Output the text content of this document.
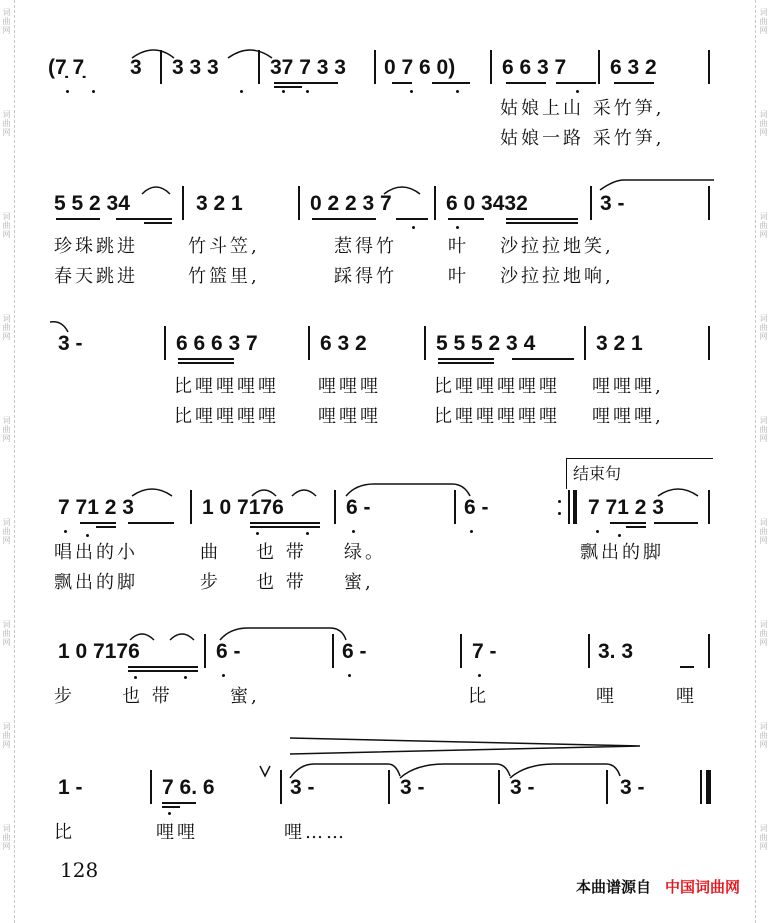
词曲网
词曲网
词曲网
词曲网
词曲网
词曲网
词曲网
词曲网
词曲网
词曲网
词曲网
词曲网
词曲网
词曲网
词曲网
词曲网
词曲网
词曲网
(7̣ 7̣ 3 3 3 3 37 7 3 3 0 7 6 0) 6 6 3 7 6 3 2
姑娘上山 采竹笋,
姑娘一路 采竹笋,
5 5 2 34	3 2 1	0 2 2 3 7	6 0 3432	3 -
珍珠跳进	竹斗笠,	惹得竹	叶 沙拉拉地笑,
春天跳进	竹篮里,	踩得竹	叶 沙拉拉地响,
3 -	6 6 6 3 7	6 3 2	5 5 5 2 3 4	3 2 1
比哩哩哩哩 哩哩哩	比哩哩哩哩哩 哩哩哩,
比哩哩哩哩 哩哩哩	比哩哩哩哩哩 哩哩哩,
结束句
7 71 2 3	1 0 7176	6 -	6 -	7 71 2 3
唱出的小	曲 也 带 绿。	飘出的脚
飘出的脚	步 也 带 蜜,
1 0 7176	6 -	6 -	7 -	3. 3
步	也 带	蜜,	比	哩	哩
1 -	7 6. 6	3 -	3 -	3 -	3 -
比	哩哩	哩……
128
本曲谱源自 中国词曲网
